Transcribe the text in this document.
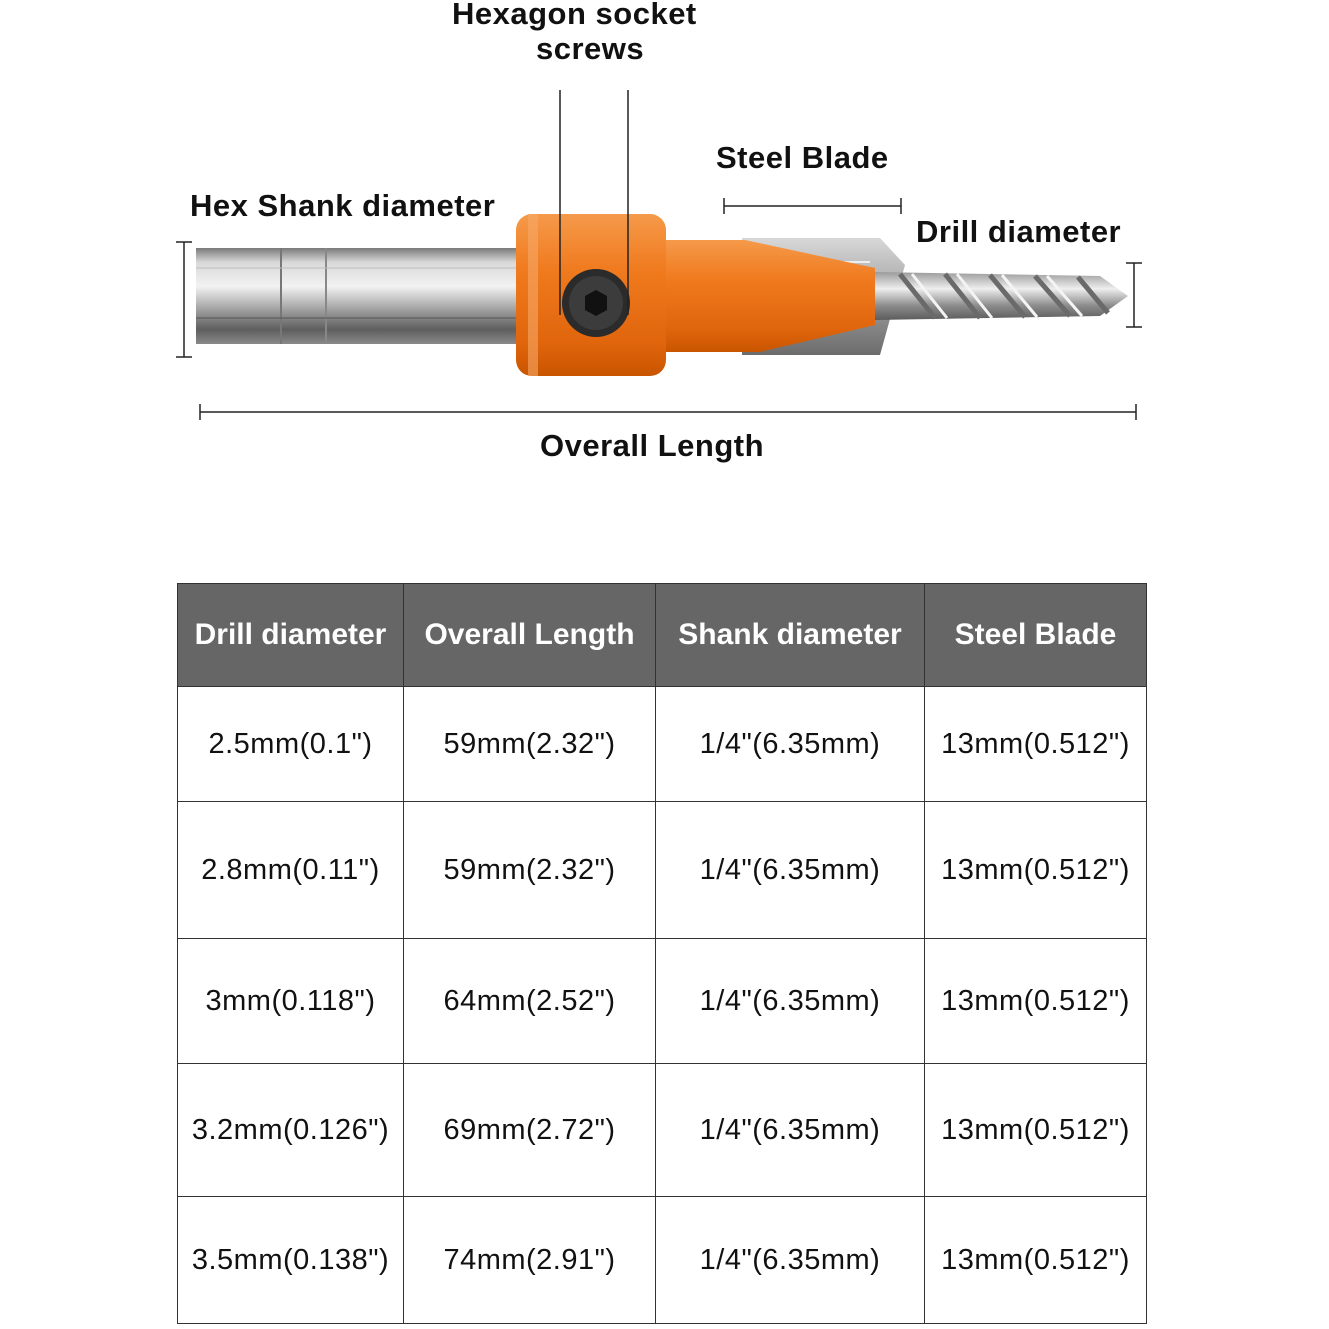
Hexagon socket
screws
Steel Blade
Hex Shank diameter
Drill diameter
Overall Length
Drill diameter	Overall Length	Shank diameter	Steel Blade
2.5mm(0.1")	59mm(2.32")	1/4"(6.35mm)	13mm(0.512")
2.8mm(0.11")	59mm(2.32")	1/4"(6.35mm)	13mm(0.512")
3mm(0.118")	64mm(2.52")	1/4"(6.35mm)	13mm(0.512")
3.2mm(0.126")	69mm(2.72")	1/4"(6.35mm)	13mm(0.512")
3.5mm(0.138")	74mm(2.91")	1/4"(6.35mm)	13mm(0.512")
